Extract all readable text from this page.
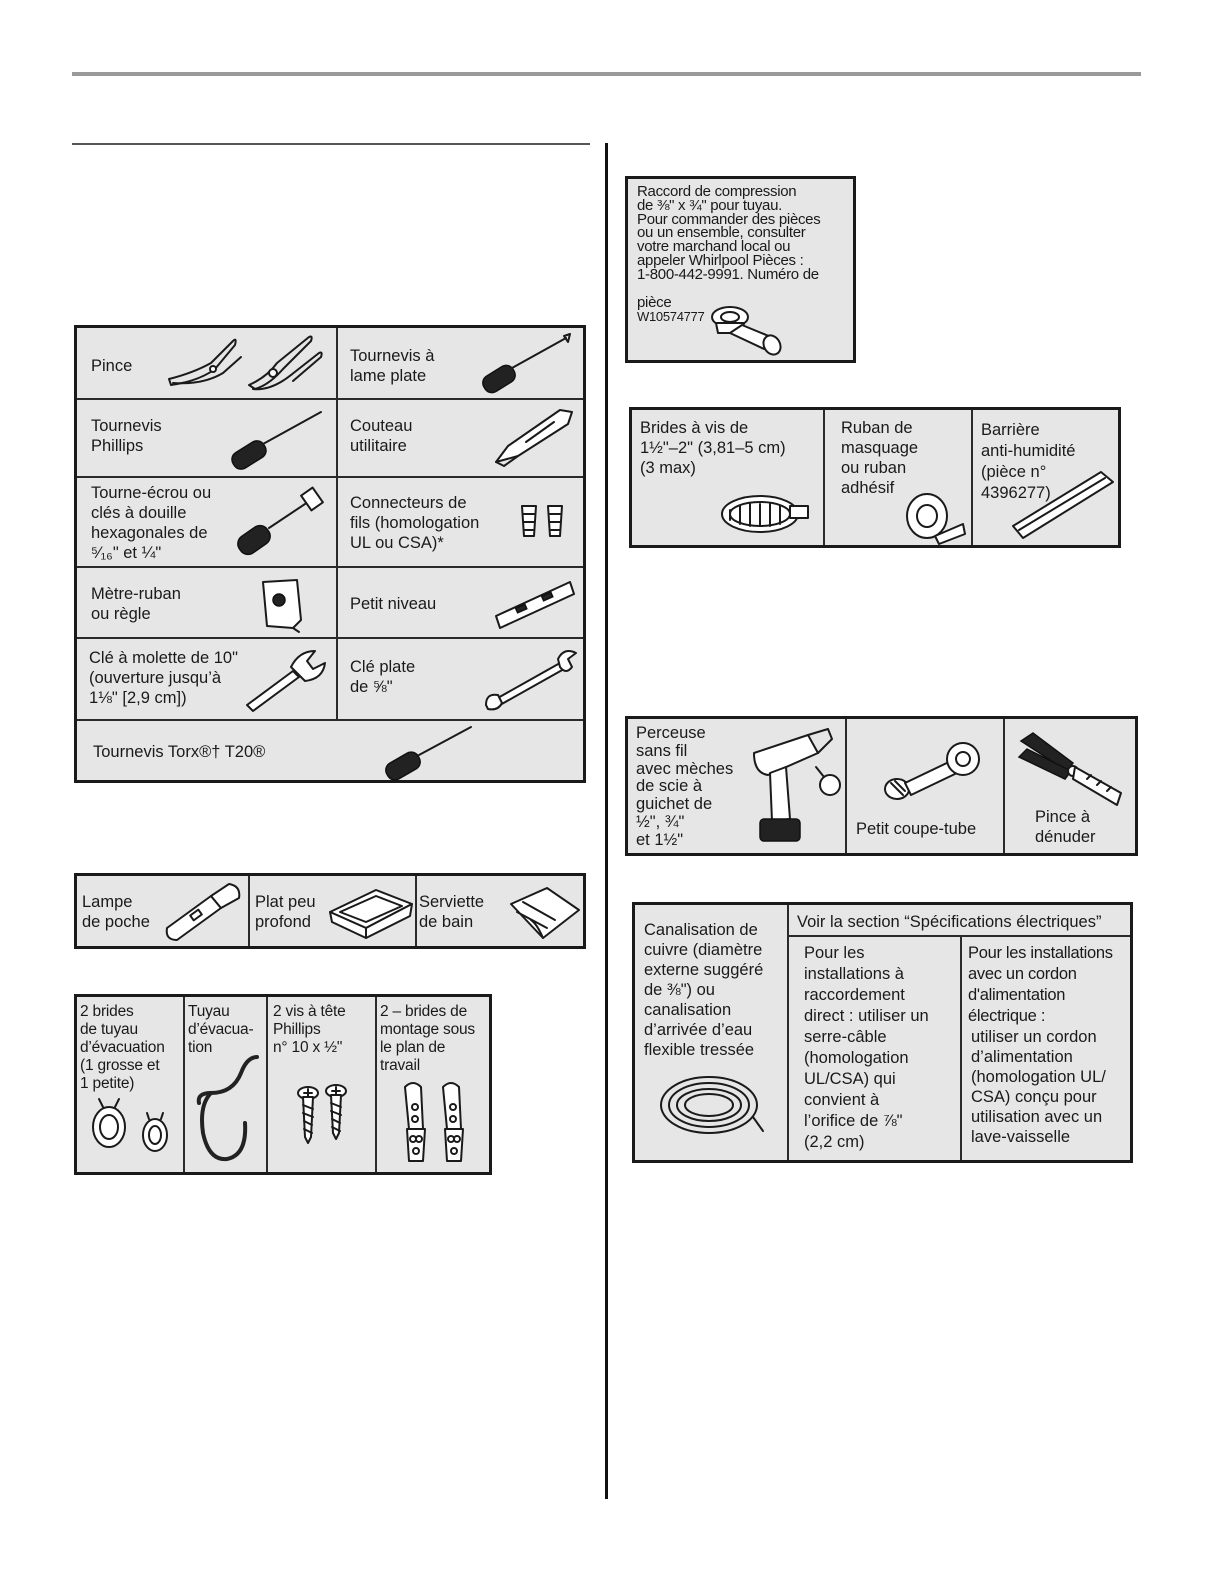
Pince
Tournevis à
lame plate
Tournevis
Phillips
Couteau
utilitaire
Tourne-écrou ou
clés à douille
hexagonales de
⁵⁄₁₆" et ¼"
Connecteurs de
fils (homologation
UL ou CSA)*
Mètre-ruban
ou règle
Petit niveau
Clé à molette de 10"
(ouverture jusqu’à
1⅛" [2,9 cm])
Clé plate
de ⅝"
Tournevis Torx®† T20®
Lampe
de poche
Plat peu
profond
Serviette
de bain
2 brides
de tuyau
d’évacuation
(1 grosse et
1 petite)
Tuyau
d’évacua-
tion
2 vis à tête
Phillips
n° 10 x ½"
2 – brides de
montage sous
le plan de
travail
Raccord de compression
de ⅜" x ¾" pour tuyau.
Pour commander des pièces
ou un ensemble, consulter
votre marchand local ou
appeler Whirlpool Pièces :
1-800-442-9991. Numéro de

pièce
W10574777

Brides à vis de
1½"–2" (3,81–5 cm)
(3 max)
Ruban de
masquage
ou ruban
adhésif
Barrière
anti-humidité
(pièce n°
4396277)
Perceuse
sans fil
avec mèches
de scie à
guichet de
½", ¾"
et 1½"
Petit coupe-tube
Pince à
dénuder
Canalisation de
cuivre (diamètre
externe suggéré
de ⅜") ou
canalisation
d’arrivée d’eau
flexible tressée
Voir la section “Spécifications électriques”
Pour les
installations à
raccordement
direct : utiliser un
serre-câble
(homologation
UL/CSA) qui
convient à
l’orifice de ⅞"
(2,2 cm)
Pour les installations
avec un cordon
d'alimentation
électrique :
utiliser un cordon
d’alimentation
(homologation UL/
CSA) conçu pour
utilisation avec un
lave-vaisselle
